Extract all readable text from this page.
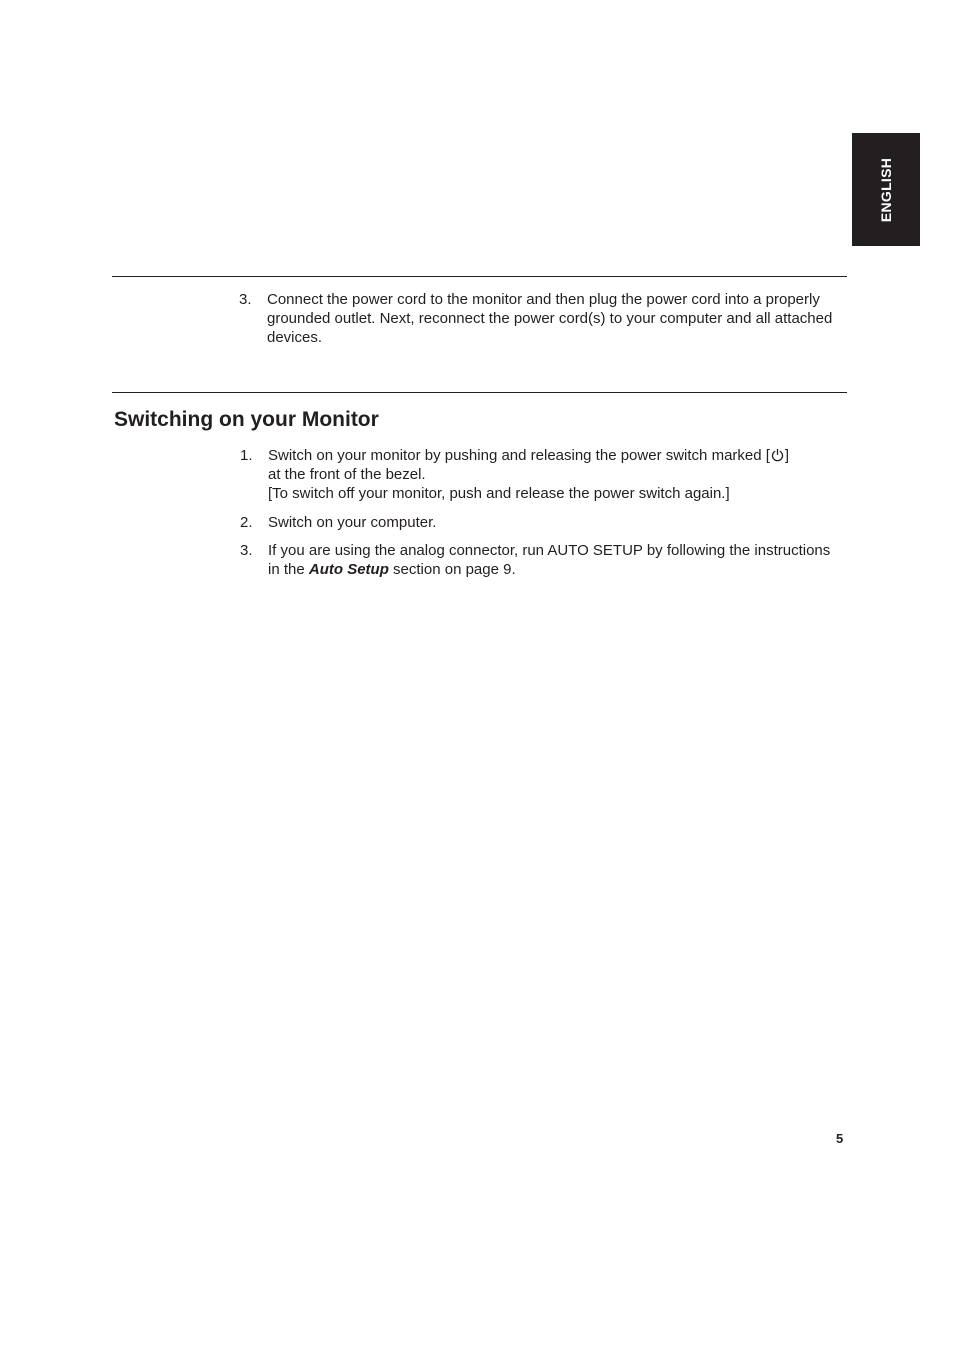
ENGLISH
3. Connect the power cord to the monitor and then plug the power cord into a properly grounded outlet. Next, reconnect the power cord(s) to your computer and all attached devices.
Switching on your Monitor
1. Switch on your monitor by pushing and releasing the power switch marked [ ]
at the front of the bezel.
[To switch off your monitor, push and release the power switch again.]
2. Switch on your computer.
3. If you are using the analog connector, run AUTO SETUP by following the instructions in the Auto Setup section on page 9.
5
